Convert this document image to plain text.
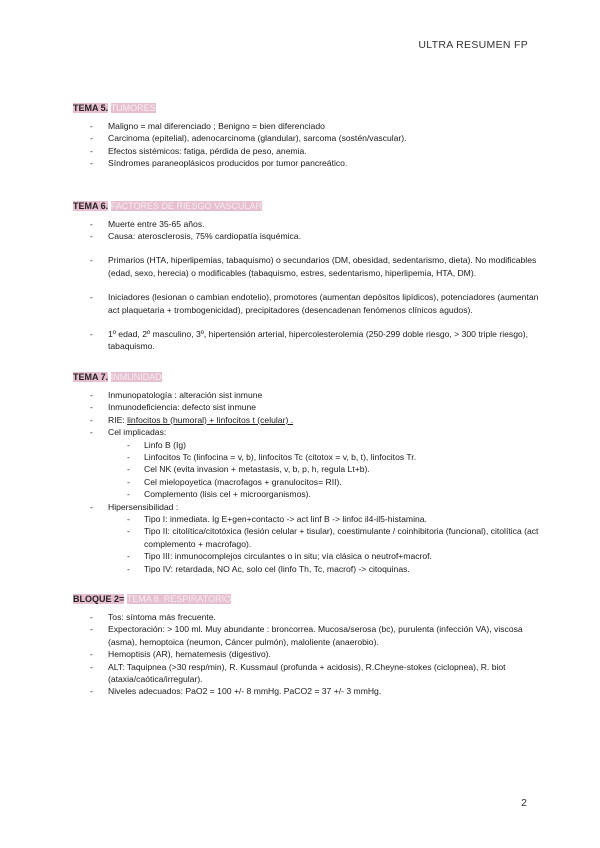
ULTRA RESUMEN FP
TEMA 5. TUMORES
- Maligno = mal diferenciado ; Benigno = bien diferenciado
- Carcinoma (epitelial), adenocarcinoma (glandular), sarcoma (sostén/vascular).
- Efectos sistémicos: fatiga, pérdida de peso, anemia.
- Síndromes paraneoplásicos producidos por tumor pancreático.
TEMA 6. FACTORES DE RIESGO VASCULAR
- Muerte entre 35-65 años.
- Causa: aterosclerosis, 75% cardiopatía isquémica.
- Primarios (HTA, hiperlipemias, tabaquismo) o secundarios (DM, obesidad, sedentarismo, dieta). No modificables (edad, sexo, herecia) o modificables (tabaquismo, estres, sedentarismo, hiperlipemia, HTA, DM).
- Iniciadores (lesionan o cambian endotelio), promotores (aumentan depósitos lipídicos), potenciadores (aumentan act plaquetaria + trombogenicidad), precipitadores (desencadenan fenómenos clínicos agudos).
- 1º edad, 2º masculino, 3º, hipertensión arterial, hipercolesterolemia (250-299 doble riesgo, > 300 triple riesgo), tabaquismo.
TEMA 7. INMUNIDAD
- Inmunopatología : alteración sist inmune
- Inmunodeficiencia: defecto sist inmune
- RIE: linfocitos b (humoral) + linfocitos t (celular) .
- Cel implicadas:
- Linfo B (Ig)
- Linfocitos Tc (linfocina = v, b), linfocitos Tc (citotox = v, b, t), linfocitos Tr.
- Cel NK (evita invasion + metastasis, v, b, p, h, regula Lt+b).
- Cel mielopoyetica (macrofagos + granulocitos= RII).
- Complemento (lisis cel + microorganismos).
- Hipersensibilidad :
- Tipo I: inmediata. Ig E+gen+contacto -> act linf B -> linfoc il4-il5-histamina.
- Tipo II: citolítica/citotóxica (lesión celular + tisular), coestimulante / coinhibitoria (funcional), citolítica (act complemento + macrofago).
- Tipo III: inmunocomplejos circulantes o in situ; vía clásica o neutrof+macrof.
- Tipo IV: retardada, NO Ac, solo cel (linfo Th, Tc, macrof) -> citoquinas.
BLOQUE 2= TEMA 8. RESPIRATORIO
- Tos: síntoma más frecuente.
- Expectoración: > 100 ml. Muy abundante : broncorrea. Mucosa/serosa (bc), purulenta (infección VA), viscosa (asma), hemoptoica (neumon, Cáncer pulmón), maloliente (anaerobio).
- Hemoptisis (AR), hematemesis (digestivo).
- ALT: Taquipnea (>30 resp/min), R. Kussmaul (profunda + acidosis), R.Cheyne-stokes (ciclopnea), R. biot (ataxia/caótica/irregular).
- Niveles adecuados: PaO2 = 100 +/- 8 mmHg. PaCO2 = 37 +/- 3 mmHg.
2
